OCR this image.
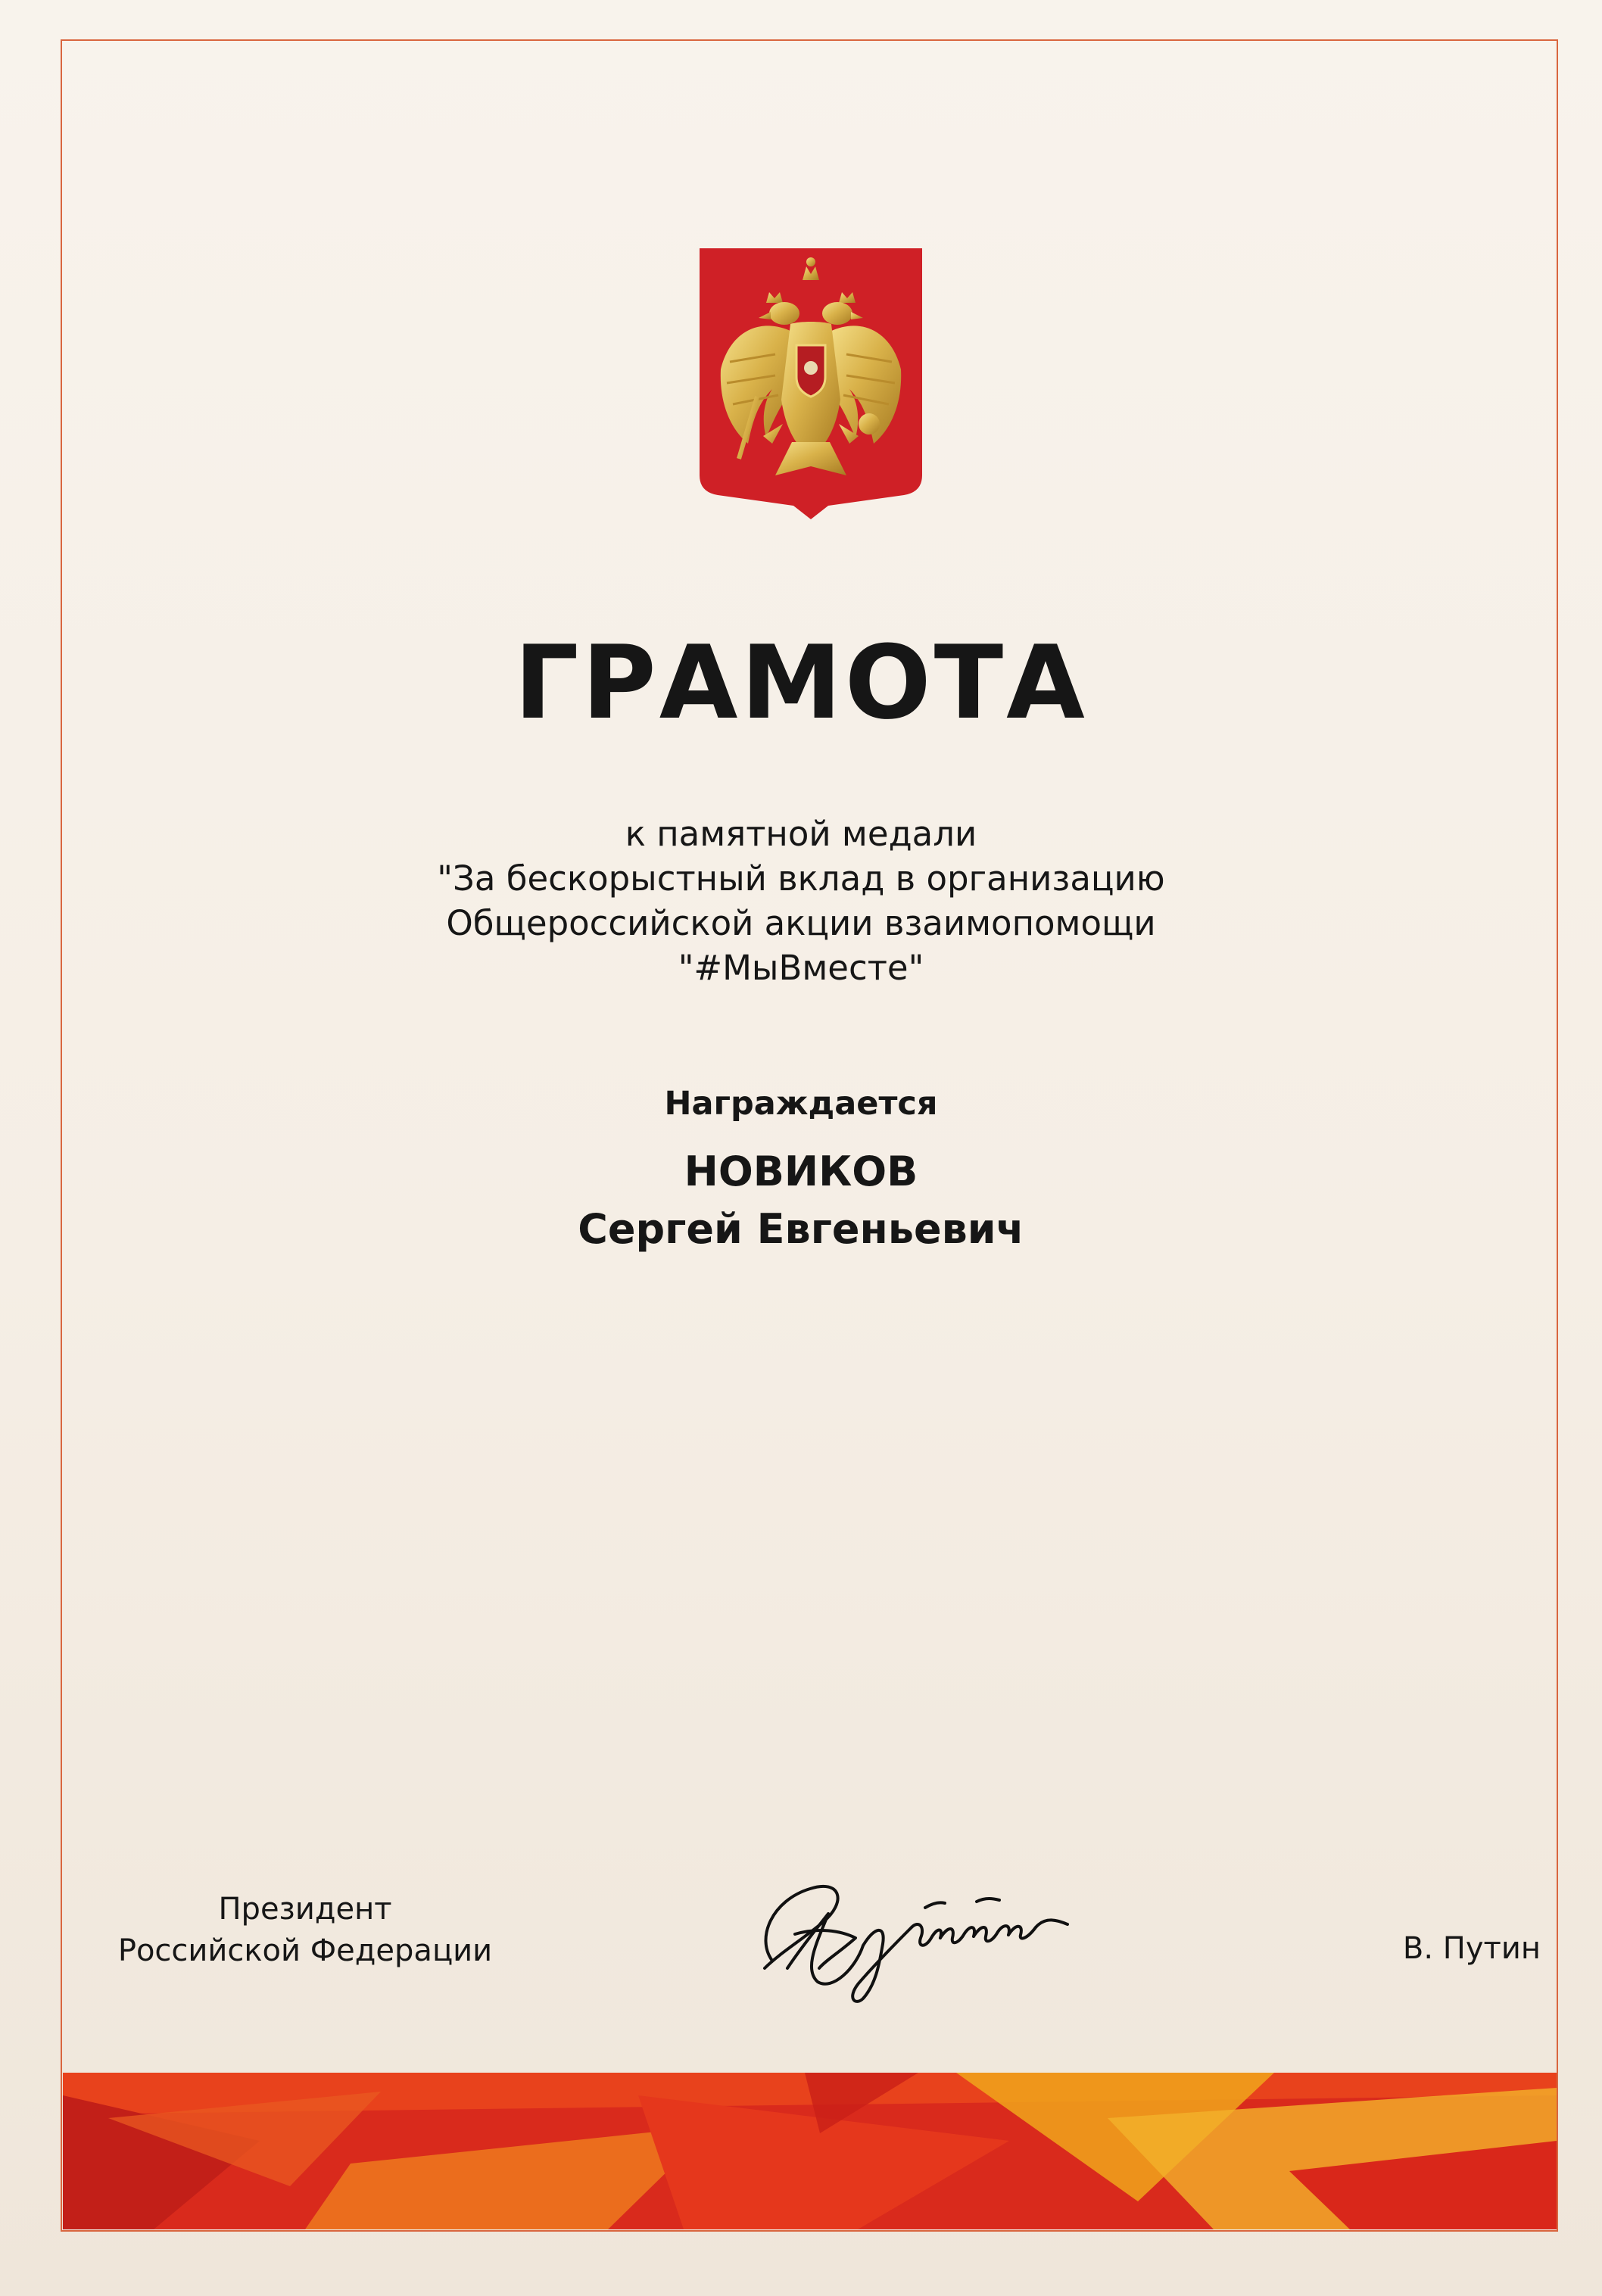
ГРАМОТА
к памятной медали
"За бескорыстный вклад в организацию
Общероссийской акции взаимопомощи
"#МыВместе"
Награждается
НОВИКОВ
Сергей Евгеньевич
Президент
Российской Федерации	В. Путин
